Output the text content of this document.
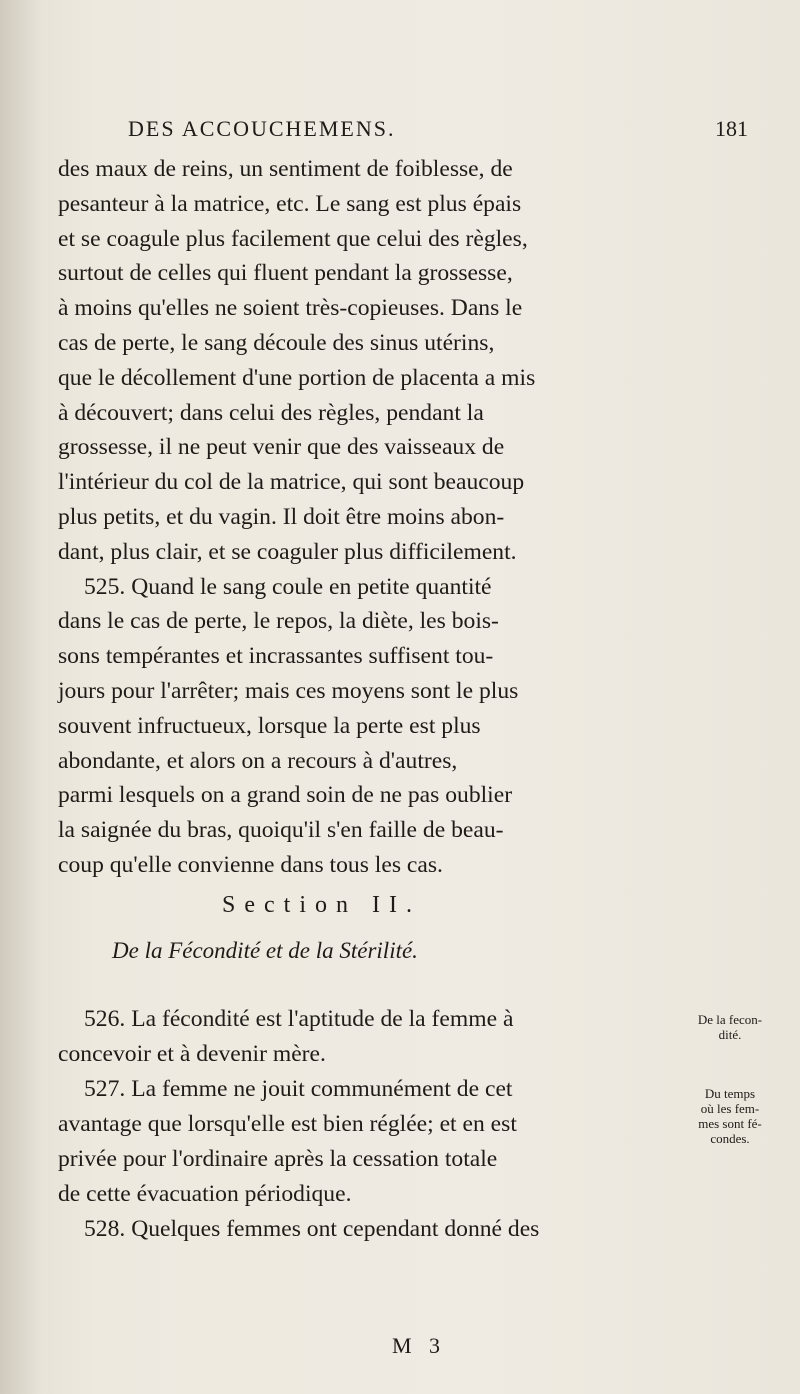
DES ACCOUCHEMENS.	181

des maux de reins, un sentiment de foiblesse, de

pesanteur à la matrice, etc. Le sang est plus épais

et se coagule plus facilement que celui des règles,

surtout de celles qui fluent pendant la grossesse,

à moins qu'elles ne soient très-copieuses. Dans le

cas de perte, le sang découle des sinus utérins,

que le décollement d'une portion de placenta a mis

à découvert; dans celui des règles, pendant la

grossesse, il ne peut venir que des vaisseaux de

l'intérieur du col de la matrice, qui sont beaucoup

plus petits, et du vagin. Il doit être moins abon-

dant, plus clair, et se coaguler plus difficilement.

525. Quand le sang coule en petite quantité

dans le cas de perte, le repos, la diète, les bois-

sons tempérantes et incrassantes suffisent tou-

jours pour l'arrêter; mais ces moyens sont le plus

souvent infructueux, lorsque la perte est plus

abondante, et alors on a recours à d'autres,

parmi lesquels on a grand soin de ne pas oublier

la saignée du bras, quoiqu'il s'en faille de beau-

coup qu'elle convienne dans tous les cas.

Section II.
De la Fécondité et de la Stérilité.
526. La fécondité est l'aptitude de la femme à
concevoir et à devenir mère.
527. La femme ne jouit communément de cet
avantage que lorsqu'elle est bien réglée; et en est
privée pour l'ordinaire après la cessation totale
de cette évacuation périodique.
528. Quelques femmes ont cependant donné des
De la fecon-
dité.
Du temps
où les fem-
mes sont fé-
condes.
M 3
